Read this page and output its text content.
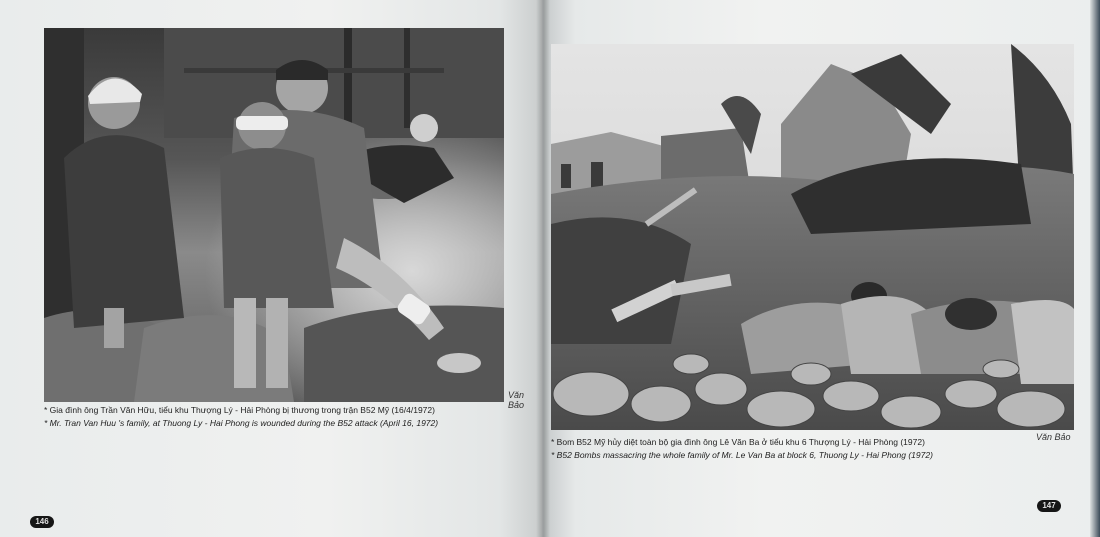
Văn Bảo
* Gia đình ông Trần Văn Hữu, tiểu khu Thượng Lý - Hải Phòng bị thương trong trận B52 Mỹ (16/4/1972)
* Mr. Tran Van Huu 's family, at Thuong Ly - Hai Phong is wounded during the B52 attack (April 16, 1972)
146
Văn Bảo
* Bom B52 Mỹ hủy diệt toàn bộ gia đình ông Lê Văn Ba ở tiểu khu 6 Thượng Lý - Hải Phòng (1972)
* B52 Bombs massacring the whole family of Mr. Le Van Ba at block 6, Thuong Ly - Hai Phong (1972)
147
